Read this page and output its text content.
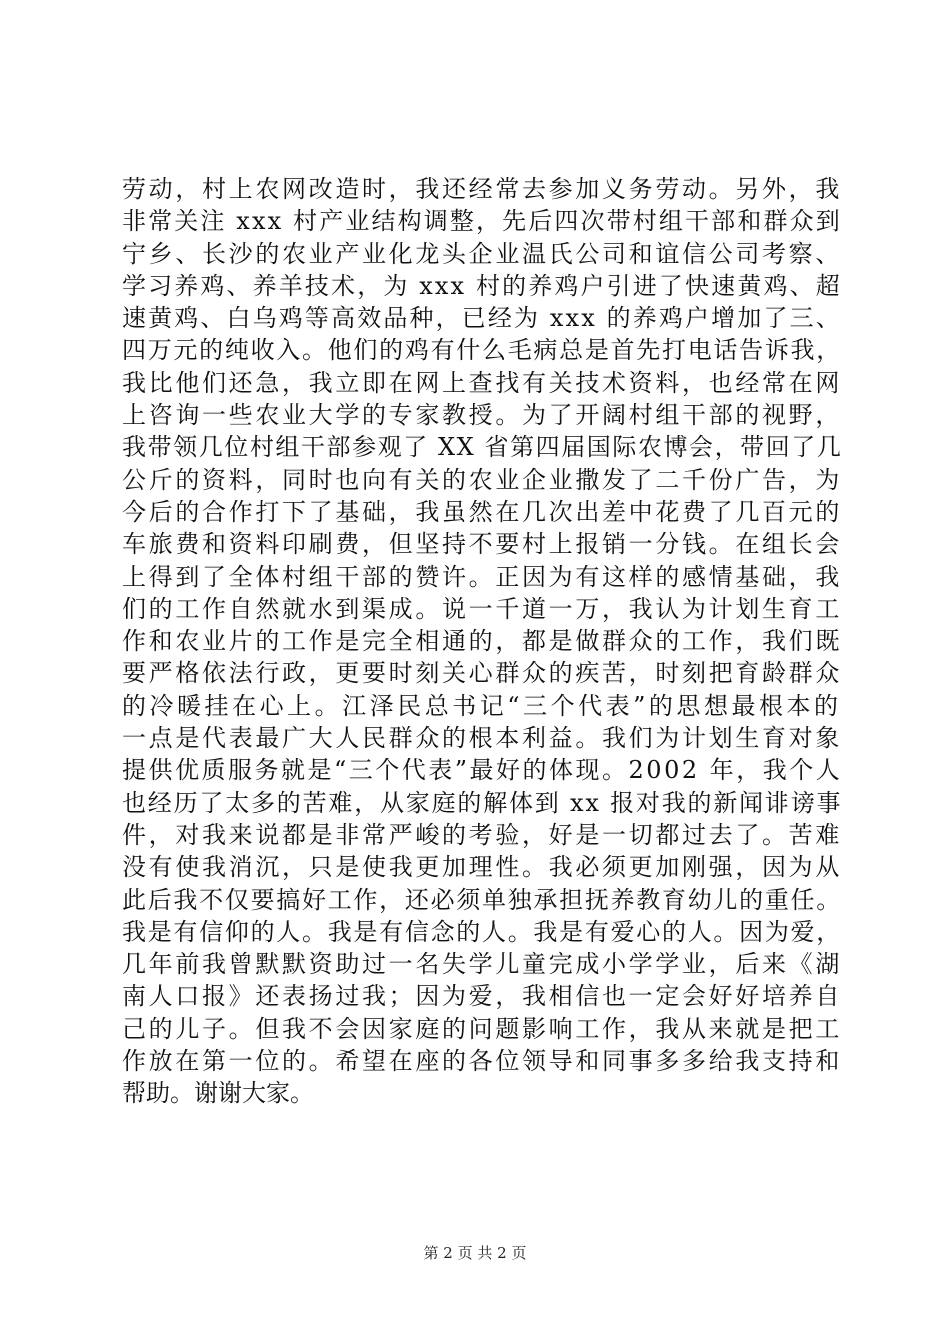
劳动，村上农网改造时，我还经常去参加义务劳动。另外，我
非常关注 xxx 村产业结构调整，先后四次带村组干部和群众到
宁乡、长沙的农业产业化龙头企业温氏公司和谊信公司考察、
学习养鸡、养羊技术，为 xxx 村的养鸡户引进了快速黄鸡、超
速黄鸡、白乌鸡等高效品种，已经为 xxx 的养鸡户增加了三、
四万元的纯收入。他们的鸡有什么毛病总是首先打电话告诉我，
我比他们还急，我立即在网上查找有关技术资料，也经常在网
上咨询一些农业大学的专家教授。为了开阔村组干部的视野，
我带领几位村组干部参观了 XX 省第四届国际农博会，带回了几
公斤的资料，同时也向有关的农业企业撒发了二千份广告，为
今后的合作打下了基础，我虽然在几次出差中花费了几百元的
车旅费和资料印刷费，但坚持不要村上报销一分钱。在组长会
上得到了全体村组干部的赞许。正因为有这样的感情基础，我
们的工作自然就水到渠成。说一千道一万，我认为计划生育工
作和农业片的工作是完全相通的，都是做群众的工作，我们既
要严格依法行政，更要时刻关心群众的疾苦，时刻把育龄群众
的冷暖挂在心上。江泽民总书记“三个代表”的思想最根本的
一点是代表最广大人民群众的根本利益。我们为计划生育对象
提供优质服务就是“三个代表”最好的体现。2002 年，我个人
也经历了太多的苦难，从家庭的解体到 xx 报对我的新闻诽谤事
件，对我来说都是非常严峻的考验，好是一切都过去了。苦难
没有使我消沉，只是使我更加理性。我必须更加刚强，因为从
此后我不仅要搞好工作，还必须单独承担抚养教育幼儿的重任。
我是有信仰的人。我是有信念的人。我是有爱心的人。因为爱，
几年前我曾默默资助过一名失学儿童完成小学学业，后来《湖
南人口报》还表扬过我；因为爱，我相信也一定会好好培养自
己的儿子。但我不会因家庭的问题影响工作，我从来就是把工
作放在第一位的。希望在座的各位领导和同事多多给我支持和
帮助。谢谢大家。
第 2 页 共 2 页
